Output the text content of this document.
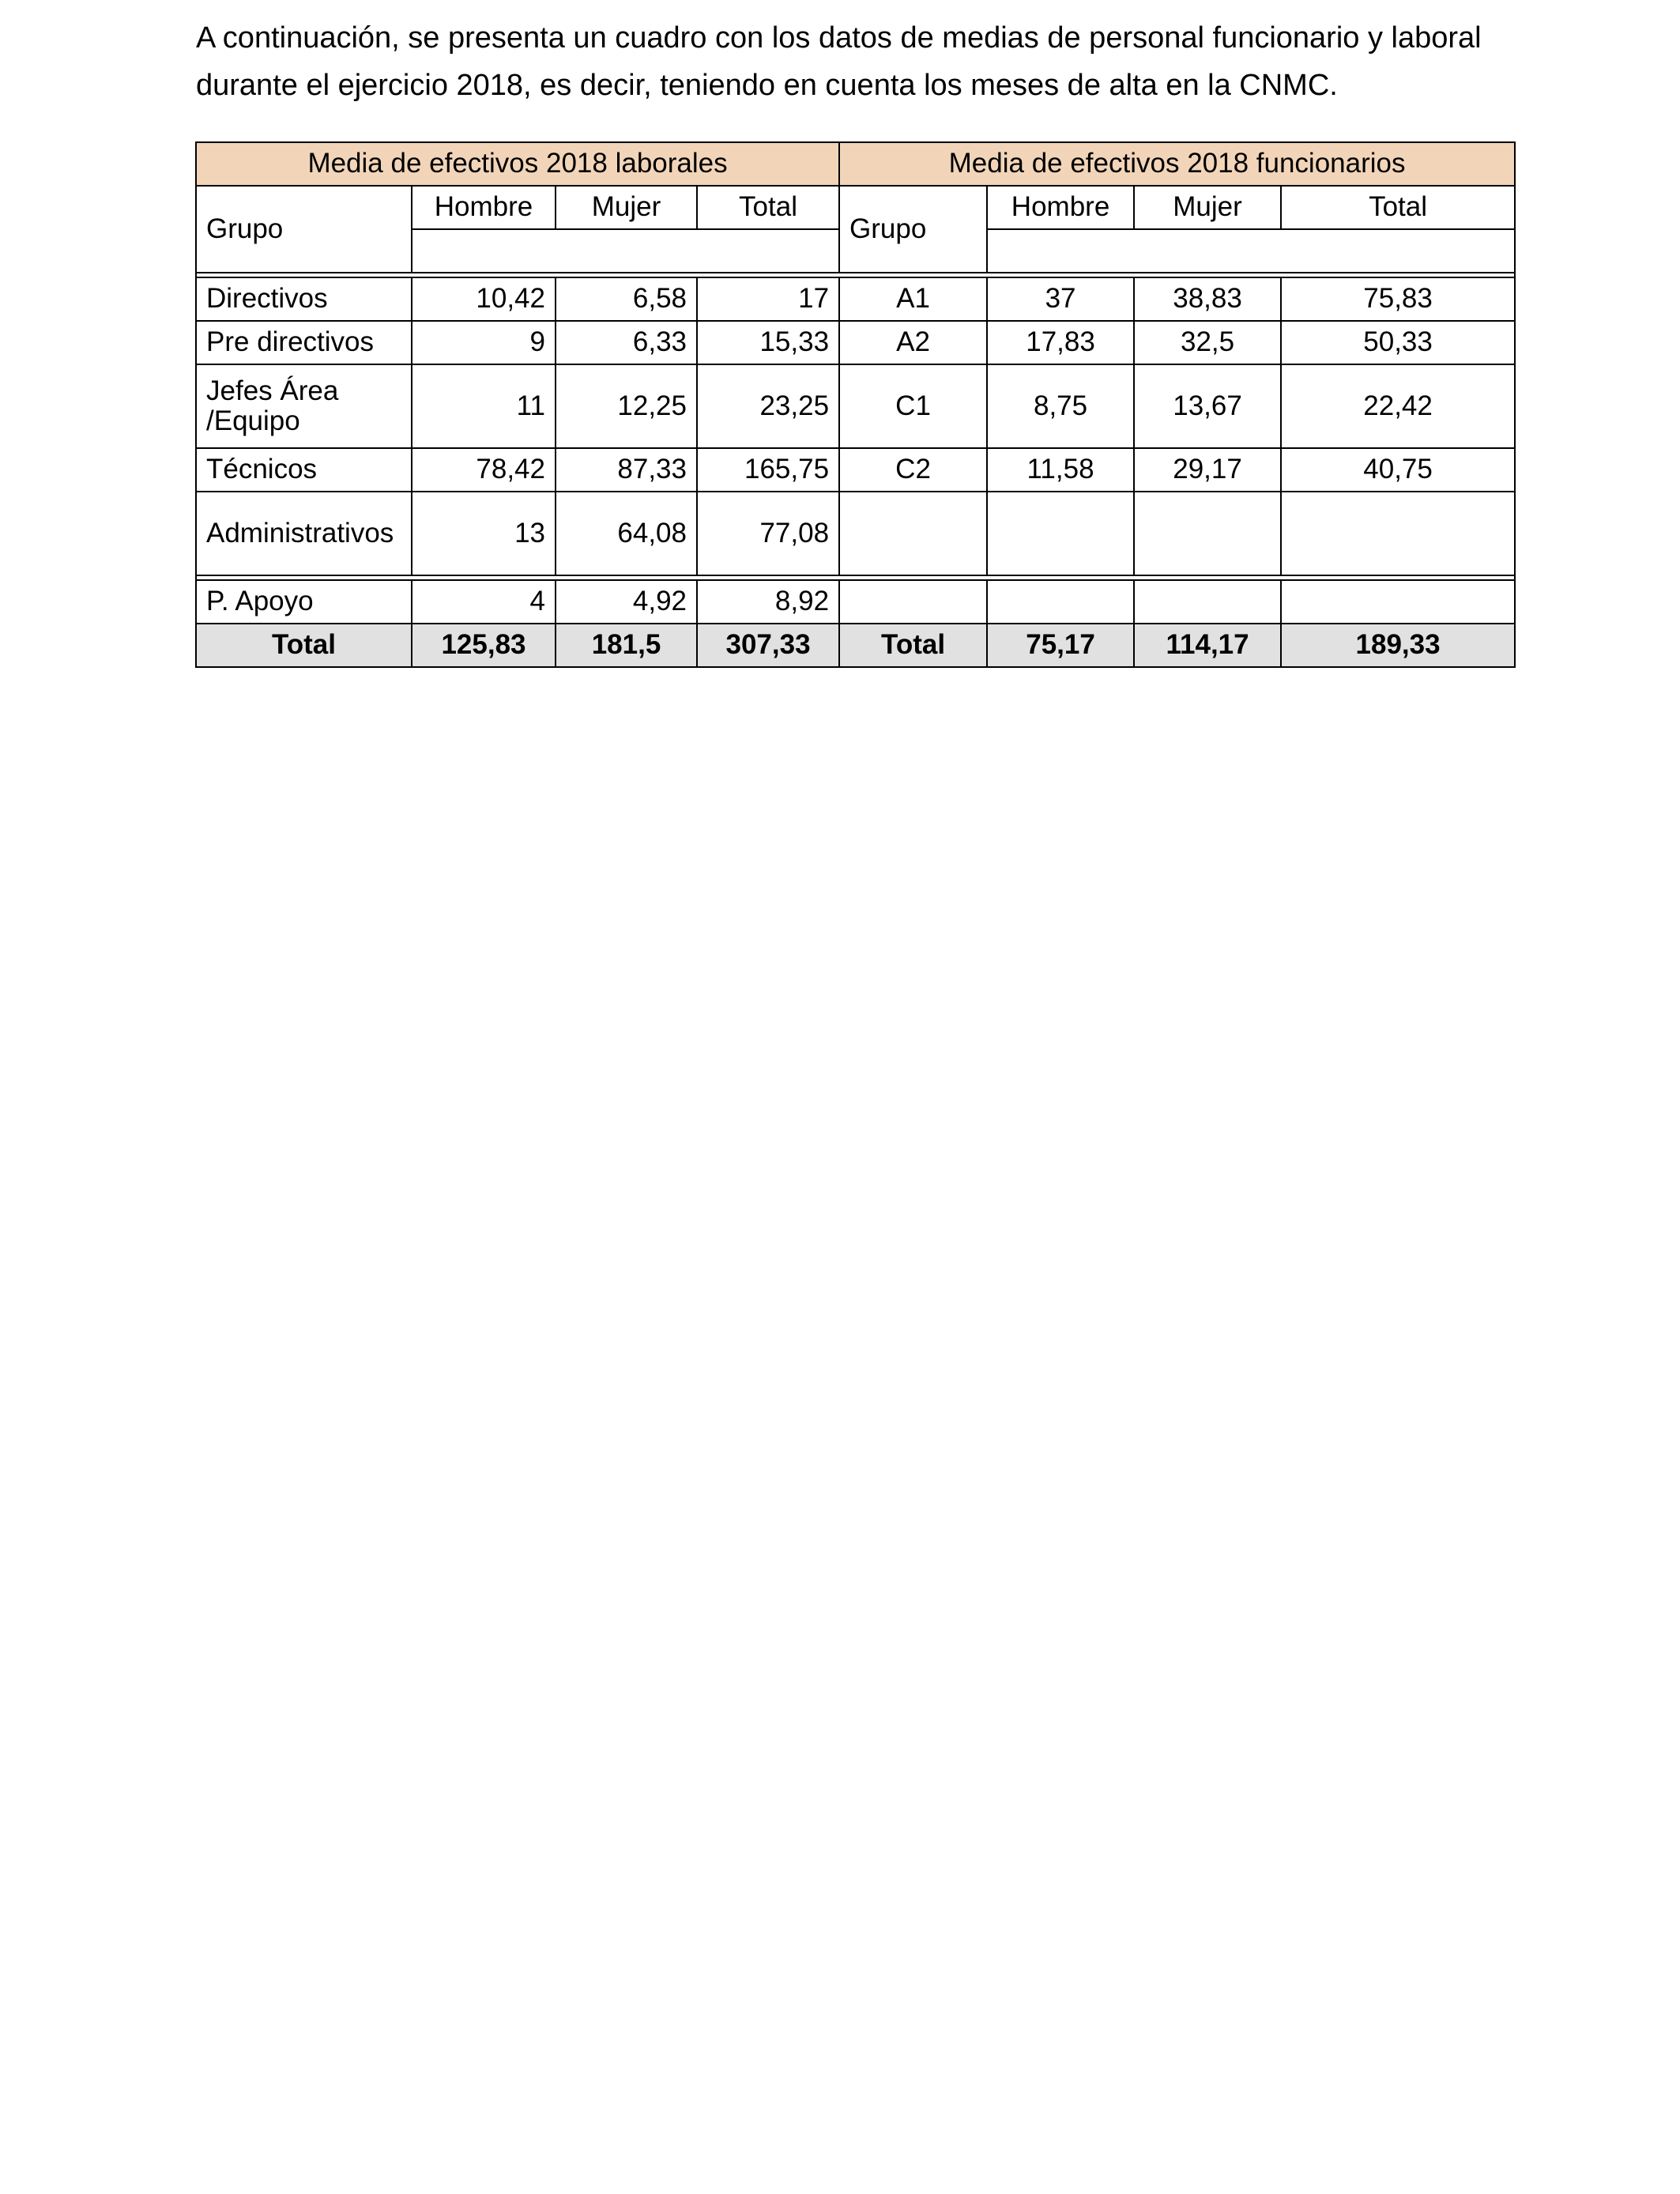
A continuación, se presenta un cuadro con los datos de medias de personal funcionario y laboral
durante el ejercicio 2018, es decir, teniendo en cuenta los meses de alta en la CNMC.

Media de efectivos 2018 laborales				Media de efectivos 2018 funcionarios			
Grupo	Hombre	Mujer	Total	Grupo	Hombre	Mujer	Total

Directivos	10,42	6,58	17	A1	37	38,83	75,83
Pre directivos	9	6,33	15,33	A2	17,83	32,5	50,33
Jefes Área /Equipo	11	12,25	23,25	C1	8,75	13,67	22,42
Técnicos	78,42	87,33	165,75	C2	11,58	29,17	40,75
Administrativos	13	64,08	77,08				

P. Apoyo	4	4,92	8,92				
Total	125,83	181,5	307,33	Total	75,17	114,17	189,33
